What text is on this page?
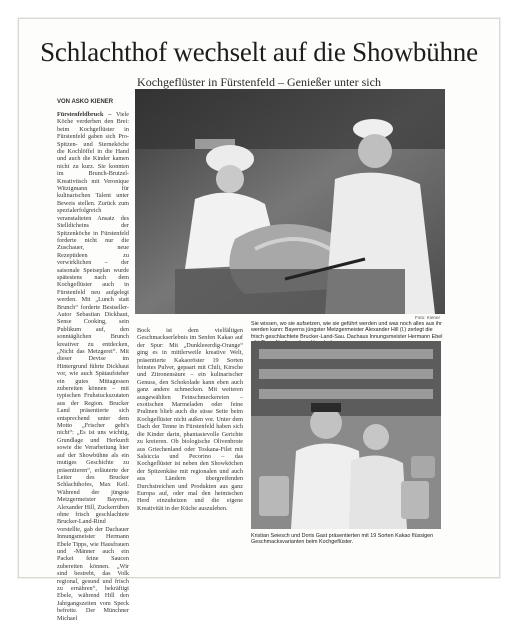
Schlachthof wechselt auf die Showbühne
Kochgeflüster in Fürstenfeld – Genießer unter sich
VON ASKO KIENER
Fürstenfeldbruck – Viele Köche verderben den Brei: beim Kochgeflüster in Fürstenfeld gaben sich Pro-Spitzen- und Sterneköche die Kochlöffel in die Hand und auch die Kinder kamen nicht zu kurz. Sie konnten im Brunch-Brutzel-Kreativtisch mit Veronique Witzigmann für kulinarischen Talent unter Beweis stellen. Zurück zum spezialerfolgreich veranstalteten Ansatz des Stelldicheins der Spitzenköche in Fürstenfeld forderte nicht nur die Zuschauer, neue Rezeptideen zu verwirklichen – der saisonale Speiseplan wurde spätestens nach dem Kochgeflüster auch in Fürstenfeld neu aufgelegt werden. Mit „Lunch statt Brunch“ forderte Bestseller-Autor Sebastian Dickhaut, Sense Cooking, sein Publikum auf, den sonntäglichen Brunch kreativer zu entdecken, „Nicht das Metzgerei“. Mit dieser Devise im Hintergrund führte Dickhaut vor, wie auch Spätaufsteher ein gutes Mittagessen zubereiten können – mit typischen Fruhstuckszutaten aus der Region. Brucker Land präsentierte sich entsprechend unter dem Motto „Frischer geht's nicht“: „Es ist uns wichtig, Grundlage und Herkunft sowie die Verarbeitung hier auf der Showbühne als ein mutiges Geschichte zu präsentieren“, erläuterte der Leiter des Brucker Schlachthofes, Max Keil. Während der jüngste Metzgermeister Bayerns, Alexander Hill, Zuckerrüben ohne frisch geschlachtete Brucker-Land-Rind vorstellte, gab der Dachauer Innungsmeister Hermann Ebele Tipps, wie Hausfrauen und -Männer auch ein Packet feine Saucen zubereiten können. „Wir sind bestrebt, das Volk regional, gesund und frisch zu ernähren“, bekräftigt Ebele, während Hill den Jahrgangszeiten vom Speck befreite. Der Münchner Michael
Foto: Kiener
Sie wissen, wo sie aufsetzen, wie sie geführt werden und was noch alles aus ihr werden kann: Bayerns jüngster Metzgermeister Alexander Hill (l.) zerlegt die frisch geschlachtete Brucker-Land-Sau. Dachaus Innungsmeister Hermann Ebel
Bock ist dem vielfältigen Geschmackserlebnis im Senfen Kakao auf der Spur: Mit „Dunkleeerdig-Orange“ ging es in mittlerweile kreative Welt, präsentierte Kakaoröster 19 Sorten feinstes Pulver, gepaart mit Chili, Kirsche und Zitronensäure – ein kulinarischer Genuss, den Schokolade kann eben auch ganz andere schmecken. Mit weiteren ausgewählten Feinschmeckereien – exotischen Marmeladen oder feine Pralinen blieb auch die süsse Seite beim Kochgeflüster nicht außen vor. Unter dem Dach der Tenne in Fürstenfeld haben sich die Kinder darin, phantasievolle Gerichte zu kreieren. Ob biologische Olivenbrote aus Griechenland oder Toskana-Filet mit Salsiccia und Pecorino – das Kochgeflüster ist neben den Showköchen der Spitzenkäse mit regionalen und auch aus Ländern übergreifenden Durchstreichen und Produkten aus ganz Europa auf, oder mal den heimischen Herd einzuheizen und die eigene Kreativität in der Küche auszuleben.
Kristian Seiesch und Doris Gast präsentierten mit 19 Sorten Kakao flüssigen Geschmacksvarianten beim Kochgeflüster.
